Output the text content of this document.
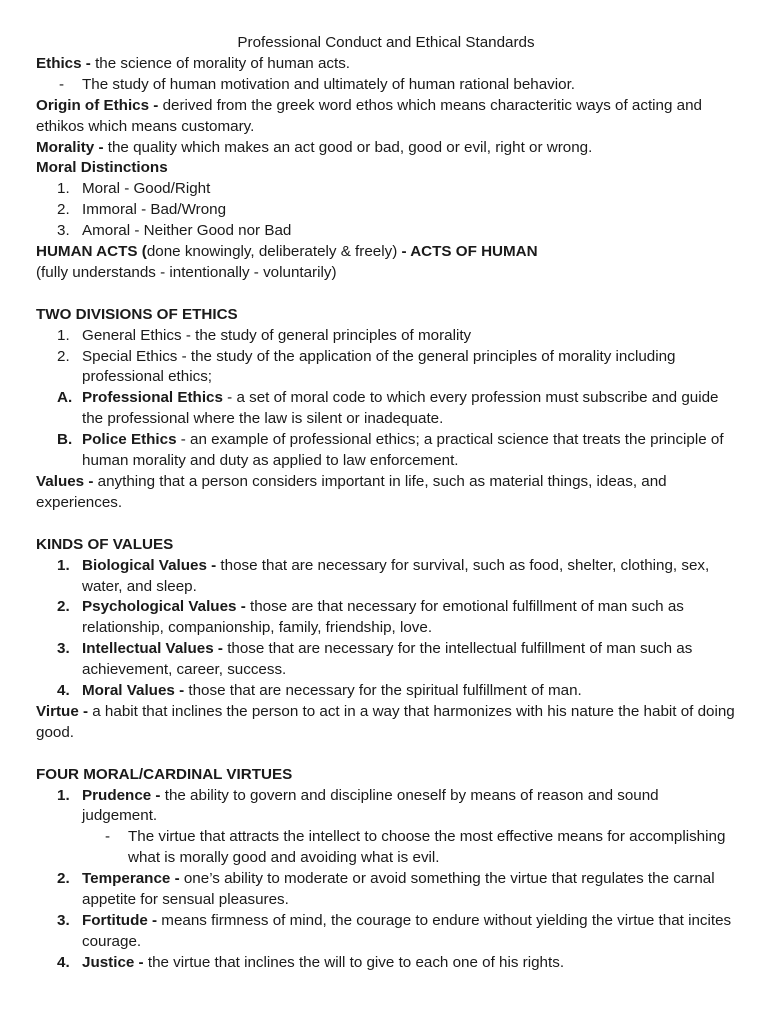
Professional Conduct and Ethical Standards

Ethics - the science of morality of human acts.

- The study of human motivation and ultimately of human rational behavior.

Origin of Ethics - derived from the greek word ethos which means characteritic ways of acting and ethikos which means customary.

Morality - the quality which makes an act good or bad, good or evil, right or wrong.

Moral Distinctions

1. Moral - Good/Right
2. Immoral - Bad/Wrong
3. Amoral - Neither Good nor Bad

HUMAN ACTS (done knowingly, deliberately & freely) - ACTS OF HUMAN

(fully understands - intentionally - voluntarily)

TWO DIVISIONS OF ETHICS

1. General Ethics - the study of general principles of morality
2. Special Ethics - the study of the application of the general principles of morality including professional ethics;
A. Professional Ethics - a set of moral code to which every profession must subscribe and guide the professional where the law is silent or inadequate.
B. Police Ethics - an example of professional ethics; a practical science that treats the principle of human morality and duty as applied to law enforcement.

Values - anything that a person considers important in life, such as material things, ideas, and experiences.

KINDS OF VALUES

1. Biological Values - those that are necessary for survival, such as food, shelter, clothing, sex, water, and sleep.
2. Psychological Values - those are that necessary for emotional fulfillment of man such as relationship, companionship, family, friendship, love.
3. Intellectual Values - those that are necessary for the intellectual fulfillment of man such as achievement, career, success.
4. Moral Values - those that are necessary for the spiritual fulfillment of man.

Virtue - a habit that inclines the person to act in a way that harmonizes with his nature the habit of doing good.

FOUR MORAL/CARDINAL VIRTUES

1. Prudence - the ability to govern and discipline oneself by means of reason and sound judgement.
- The virtue that attracts the intellect to choose the most effective means for accomplishing what is morally good and avoiding what is evil.
2. Temperance - one’s ability to moderate or avoid something the virtue that regulates the carnal appetite for sensual pleasures.
3. Fortitude - means firmness of mind, the courage to endure without yielding the virtue that incites courage.
4. Justice - the virtue that inclines the will to give to each one of his rights.
